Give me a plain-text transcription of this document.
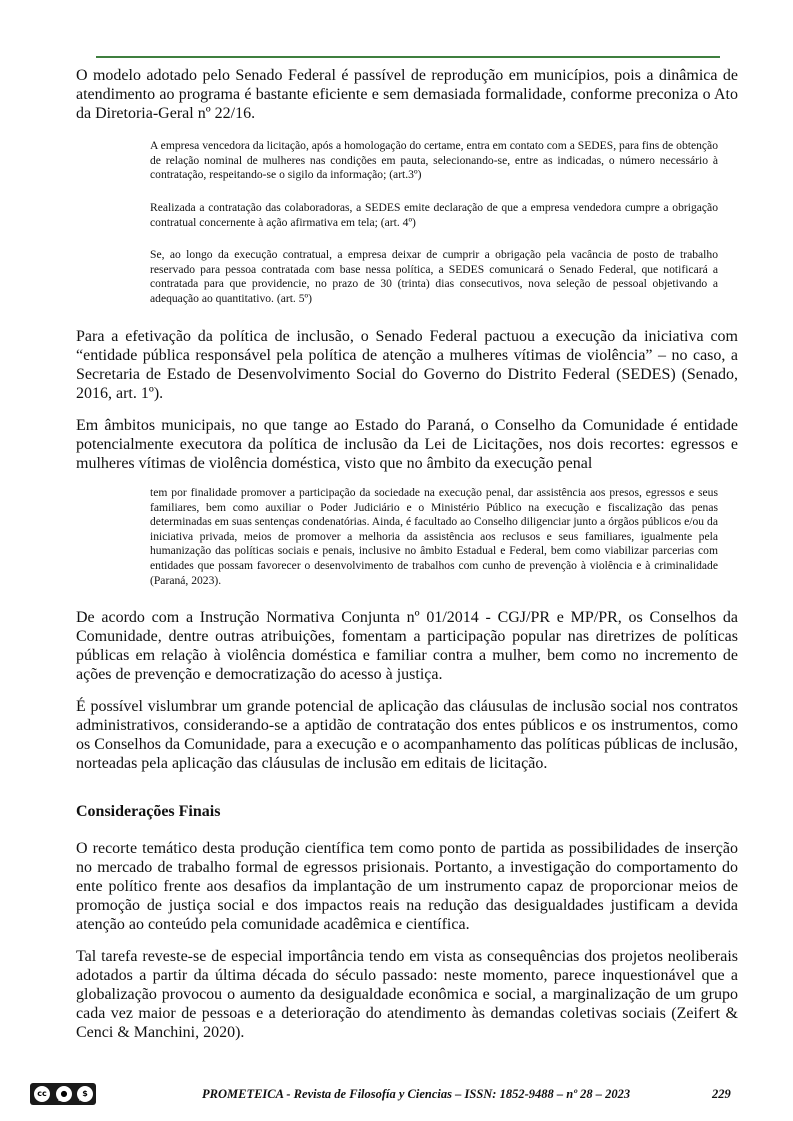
O modelo adotado pelo Senado Federal é passível de reprodução em municípios, pois a dinâmica de atendimento ao programa é bastante eficiente e sem demasiada formalidade, conforme preconiza o Ato da Diretoria-Geral nº 22/16.

A empresa vencedora da licitação, após a homologação do certame, entra em contato com a SEDES, para fins de obtenção de relação nominal de mulheres nas condições em pauta, selecionando-se, entre as indicadas, o número necessário à contratação, respeitando-se o sigilo da informação; (art.3º)

Realizada a contratação das colaboradoras, a SEDES emite declaração de que a empresa vendedora cumpre a obrigação contratual concernente à ação afirmativa em tela; (art. 4º)

Se, ao longo da execução contratual, a empresa deixar de cumprir a obrigação pela vacância de posto de trabalho reservado para pessoa contratada com base nessa política, a SEDES comunicará o Senado Federal, que notificará a contratada para que providencie, no prazo de 30 (trinta) dias consecutivos, nova seleção de pessoal objetivando a adequação ao quantitativo. (art. 5º)

Para a efetivação da política de inclusão, o Senado Federal pactuou a execução da iniciativa com “entidade pública responsável pela política de atenção a mulheres vítimas de violência” – no caso, a Secretaria de Estado de Desenvolvimento Social do Governo do Distrito Federal (SEDES) (Senado, 2016, art. 1º).

Em âmbitos municipais, no que tange ao Estado do Paraná, o Conselho da Comunidade é entidade potencialmente executora da política de inclusão da Lei de Licitações, nos dois recortes: egressos e mulheres vítimas de violência doméstica, visto que no âmbito da execução penal

tem por finalidade promover a participação da sociedade na execução penal, dar assistência aos presos, egressos e seus familiares, bem como auxiliar o Poder Judiciário e o Ministério Público na execução e fiscalização das penas determinadas em suas sentenças condenatórias. Ainda, é facultado ao Conselho diligenciar junto a órgãos públicos e/ou da iniciativa privada, meios de promover a melhoria da assistência aos reclusos e seus familiares, igualmente pela humanização das políticas sociais e penais, inclusive no âmbito Estadual e Federal, bem como viabilizar parcerias com entidades que possam favorecer o desenvolvimento de trabalhos com cunho de prevenção à violência e à criminalidade (Paraná, 2023).

De acordo com a Instrução Normativa Conjunta nº 01/2014 - CGJ/PR e MP/PR, os Conselhos da Comunidade, dentre outras atribuições, fomentam a participação popular nas diretrizes de políticas públicas em relação à violência doméstica e familiar contra a mulher, bem como no incremento de ações de prevenção e democratização do acesso à justiça.

É possível vislumbrar um grande potencial de aplicação das cláusulas de inclusão social nos contratos administrativos, considerando-se a aptidão de contratação dos entes públicos e os instrumentos, como os Conselhos da Comunidade, para a execução e o acompanhamento das políticas públicas de inclusão, norteadas pela aplicação das cláusulas de inclusão em editais de licitação.

Considerações Finais

O recorte temático desta produção científica tem como ponto de partida as possibilidades de inserção no mercado de trabalho formal de egressos prisionais. Portanto, a investigação do comportamento do ente político frente aos desafios da implantação de um instrumento capaz de proporcionar meios de promoção de justiça social e dos impactos reais na redução das desigualdades justificam a devida atenção ao conteúdo pela comunidade acadêmica e científica.

Tal tarefa reveste-se de especial importância tendo em vista as consequências dos projetos neoliberais adotados a partir da última década do século passado: neste momento, parece inquestionável que a globalização provocou o aumento da desigualdade econômica e social, a marginalização de um grupo cada vez maior de pessoas e a deterioração do atendimento às demandas coletivas sociais (Zeifert & Cenci & Manchini, 2020).

cc	●	$
BY	NC	PROMETEICA - Revista de Filosofía y Ciencias – ISSN: 1852-9488 – nº 28 – 2023	229
